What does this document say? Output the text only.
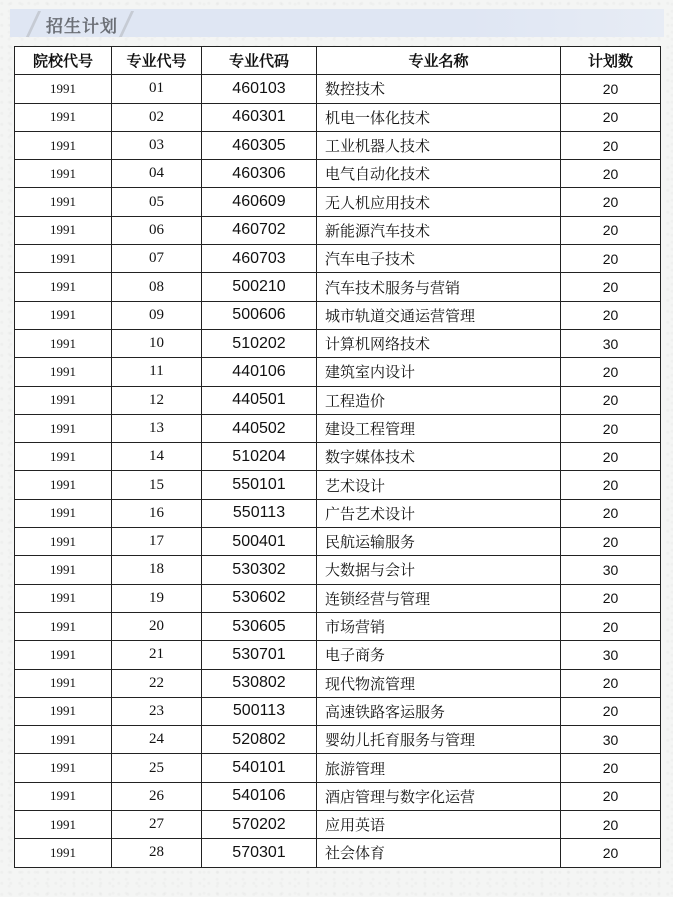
招生计划
院校代号	专业代号	专业代码	专业名称	计划数
1991	01	460103	数控技术	20
1991	02	460301	机电一体化技术	20
1991	03	460305	工业机器人技术	20
1991	04	460306	电气自动化技术	20
1991	05	460609	无人机应用技术	20
1991	06	460702	新能源汽车技术	20
1991	07	460703	汽车电子技术	20
1991	08	500210	汽车技术服务与营销	20
1991	09	500606	城市轨道交通运营管理	20
1991	10	510202	计算机网络技术	30
1991	11	440106	建筑室内设计	20
1991	12	440501	工程造价	20
1991	13	440502	建设工程管理	20
1991	14	510204	数字媒体技术	20
1991	15	550101	艺术设计	20
1991	16	550113	广告艺术设计	20
1991	17	500401	民航运输服务	20
1991	18	530302	大数据与会计	30
1991	19	530602	连锁经营与管理	20
1991	20	530605	市场营销	20
1991	21	530701	电子商务	30
1991	22	530802	现代物流管理	20
1991	23	500113	高速铁路客运服务	20
1991	24	520802	婴幼儿托育服务与管理	30
1991	25	540101	旅游管理	20
1991	26	540106	酒店管理与数字化运营	20
1991	27	570202	应用英语	20
1991	28	570301	社会体育	20
